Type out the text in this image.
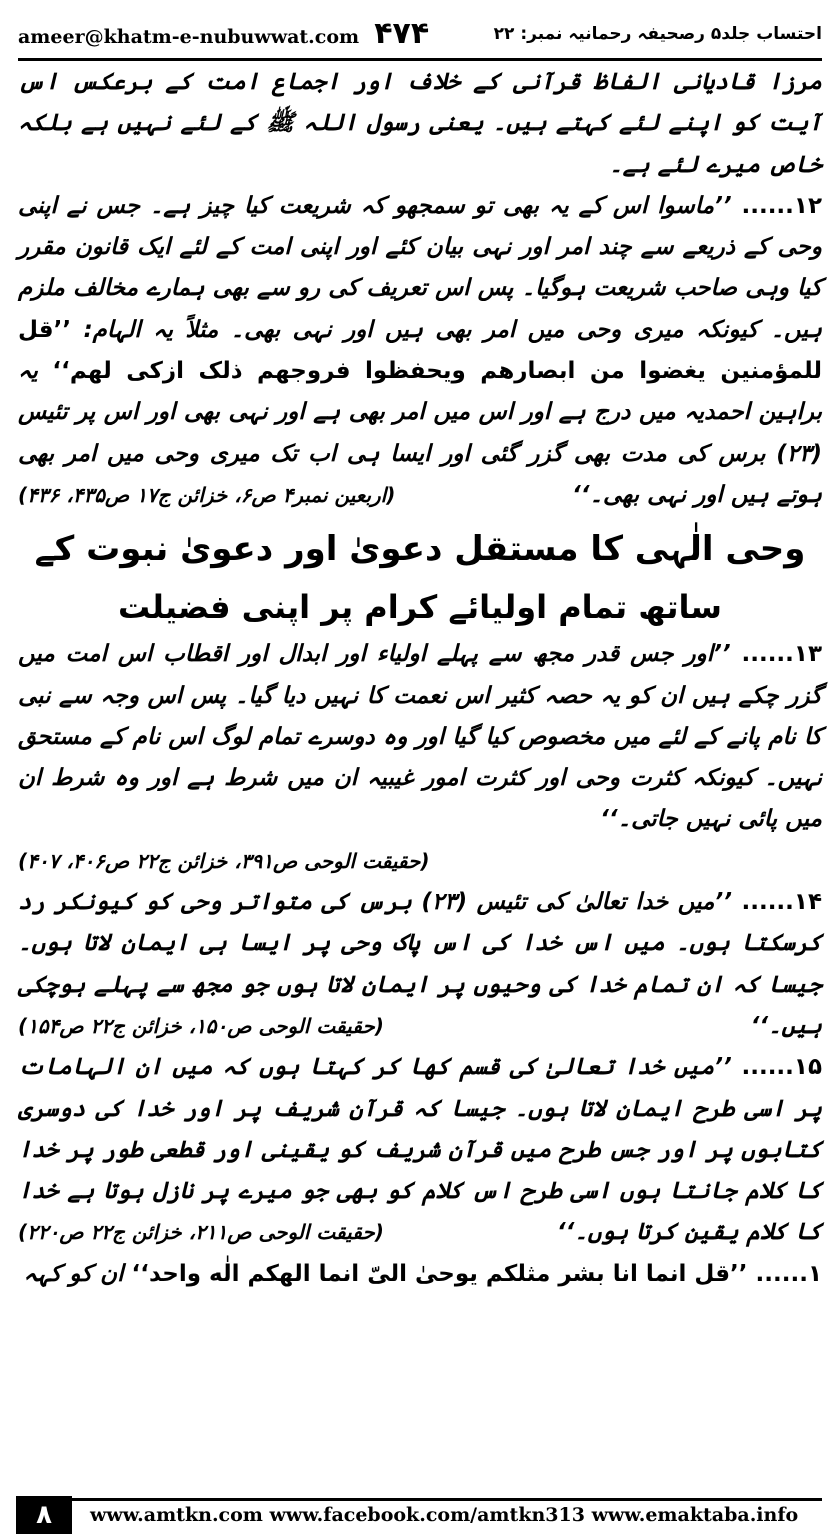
ameer@khatm-e-nubuwwat.com ۴۷۴	احتساب جلد۵ رصحیفہ رحمانیہ نمبر: ۲۲

مرزا قادیانی الفاظ قرآنی کے خلاف اور اجماع امت کے برعکس اس آیت کو اپنے لئے کہتے ہیں۔ یعنی رسول اللہ ﷺ کے لئے نہیں ہے بلکہ خاص میرے لئے ہے۔

۱۲...... ’’ماسوا اس کے یہ بھی تو سمجھو کہ شریعت کیا چیز ہے۔ جس نے اپنی وحی کے ذریعے سے چند امر اور نہی بیان کئے اور اپنی امت کے لئے ایک قانون مقرر کیا وہی صاحب شریعت ہوگیا۔ پس اس تعریف کی رو سے بھی ہمارے مخالف ملزم ہیں۔ کیونکہ میری وحی میں امر بھی ہیں اور نہی بھی۔ مثلاً یہ الہام: ’’قل للمؤمنین یغضوا من ابصارھم ویحفظوا فروجھم ذلک ازکی لھم‘‘ یہ براہین احمدیہ میں درج ہے اور اس میں امر بھی ہے اور نہی بھی اور اس پر تئیس (۲۳) برس کی مدت بھی گزر گئی اور ایسا ہی اب تک میری وحی میں امر بھی ہوتے ہیں اور نہی بھی۔‘‘
(اربعین نمبر۴ ص۶، خزائن ج۱۷ ص۴۳۵، ۴۳۶)

وحی الٰہی کا مستقل دعویٰ اور دعویٰ نبوت کے
ساتھ تمام اولیائے کرام پر اپنی فضیلت

۱۳...... ’’اور جس قدر مجھ سے پہلے اولیاء اور ابدال اور اقطاب اس امت میں گزر چکے ہیں ان کو یہ حصہ کثیر اس نعمت کا نہیں دیا گیا۔ پس اس وجہ سے نبی کا نام پانے کے لئے میں مخصوص کیا گیا اور وہ دوسرے تمام لوگ اس نام کے مستحق نہیں۔ کیونکہ کثرت وحی اور کثرت امور غیبیہ ان میں شرط ہے اور وہ شرط ان میں پائی نہیں جاتی۔‘‘

(حقیقت الوحی ص۳۹۱، خزائن ج۲۲ ص۴۰۶، ۴۰۷)

۱۴...... ’’میں خدا تعالیٰ کی تئیس (۲۳) برس کی متواتر وحی کو کیونکر رد کرسکتا ہوں۔ میں اس خدا کی اس پاک وحی پر ایسا ہی ایمان لاتا ہوں۔ جیسا کہ ان تمام خدا کی وحیوں پر ایمان لاتا ہوں جو مجھ سے پہلے ہوچکی ہیں۔‘‘
(حقیقت الوحی ص۱۵۰، خزائن ج۲۲ ص۱۵۴)

۱۵...... ’’میں خدا تعالیٰ کی قسم کھا کر کہتا ہوں کہ میں ان الہامات پر اسی طرح ایمان لاتا ہوں۔ جیسا کہ قرآن شریف پر اور خدا کی دوسری کتابوں پر اور جس طرح میں قرآن شریف کو یقینی اور قطعی طور پر خدا کا کلام جانتا ہوں اسی طرح اس کلام کو بھی جو میرے پر نازل ہوتا ہے خدا کا کلام یقین کرتا ہوں۔‘‘
(حقیقت الوحی ص۲۱۱، خزائن ج۲۲ ص۲۲۰)

۱...... ’’قل انما انا بشر مثلکم یوحیٰ الیّ انما الھکم الٰه واحد‘‘ ان کو کہہ

۸	www.amtkn.com www.facebook.com/amtkn313 www.emaktaba.info
